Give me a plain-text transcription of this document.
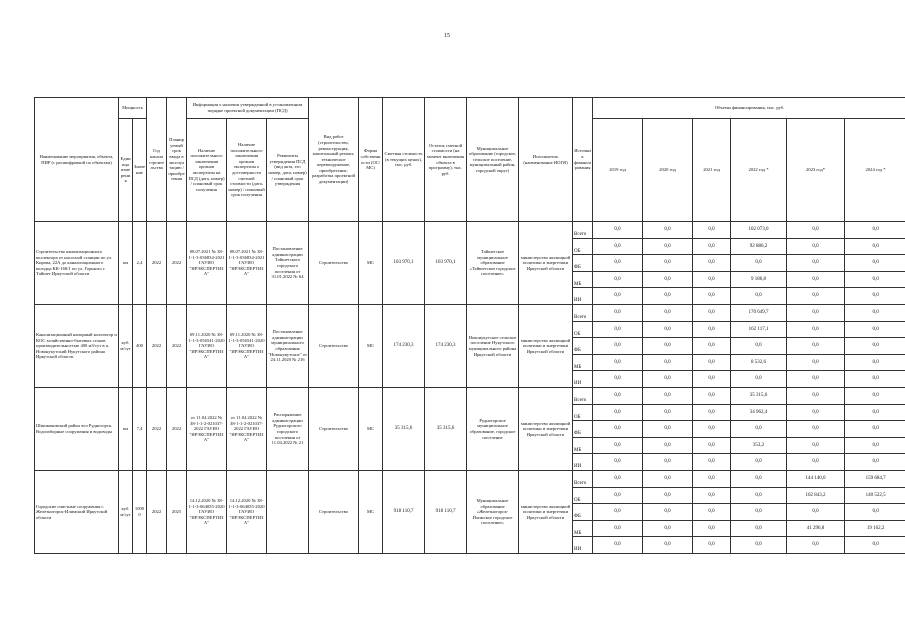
15
Наименование мероприятия, объекта, ПИР (с расшифровкой по объектам)	Мощность		Год начала строительства	Планируемый срок ввода в эксплуатацию / приобретения	Информация о наличии утвержденной в установленном порядке проектной документации (ПСД)			Вид работ (строительство, реконструкция, капитальный ремонт, техническое перевооружение, приобретение, разработка проектной документации)	Форма собственности (ОС/МС)	Сметная стоимость (в текущих ценах), тыс. руб.	Остаток сметной стоимости (на момент включения объекта в программу), тыс. руб.	Муниципальное образование (городское, сельское поселение, муниципальный район, городской округ)	Исполнитель (наименование ИОГВ)	Источник финансирования	Объемы финансирования, тыс. руб.					

	Единица измерения	Значение			Наличие положительного заключения органов экспертизы на ПСД (дата, номер) / плановый срок получения	Наличие положительного заключения органов экспертизы о достоверности сметной стоимости (дата, номер) / плановый срок получения	Реквизиты утверждения ПСД (вид акта, его номер, дата, номер) / плановый срок утверждения								2019 год	2020 год	2021 год	2022 год *	2023 год*	2024 год *
Строительство канализационного коллектора от насосной станции по ул. Кирова, 22А до канализационного колодца КК-168/1 по ул. Горького г. Тайшет Иркутской области	км	2,4	2022	2022	08.07.2021 № 38-1-1-3-036834-2021 ГАУИО "ИРЭКСПЕРТИЗА"	08.07.2021 № 38-1-1-3-036834-2021 ГАУИО "ИРЭКСПЕРТИЗА"	Постановление администрации Тайшетского городского поселения от 31.01.2022 № 64	Строительство	МС	103 970,1	103 970,1	Тайшетское муниципальное образование «Тайшетское городское поселение»	министерство жилищной политики и энергетики Иркутской области	Всего	0,0	0,0	0,0	102 073,0	0,0	0,0
														ОБ	0,0	0,0	0,0	92 886,2	0,0	0,0
														ФБ	0,0	0,0	0,0	0,0	0,0	0,0
														МБ	0,0	0,0	0,0	9 186,8	0,0	0,0
														ИИ	0,0	0,0	0,0	0,0	0,0	0,0
Канализационный напорный коллектор и КОС хозяйственно-бытовых стоков производительностью 400 м3/сут в п. Новонукутский Нукутского района Иркутской области	куб. м/сут	400	2022	2022	09.11.2020 № 38-1-1-3-056541-2020 ГАУИО "ИРЭКСПЕРТИЗА"	09.11.2020 № 38-1-1-3-056541-2020 ГАУИО "ИРЭКСПЕРТИЗА"	Постановление администрации муниципального образования "Новонукутское" от 24.11.2020 № 216	Строительство	МС	174 230,3	174 230,3	Новонукутское сельское поселение Нукутского муниципального района Иркутской области	министерство жилищной политики и энергетики Иркутской области	Всего	0,0	0,0	0,0	170 649,7	0,0	0,0
														ОБ	0,0	0,0	0,0	162 117,1	0,0	0,0
														ФБ	0,0	0,0	0,0	0,0	0,0	0,0
														МБ	0,0	0,0	0,0	8 532,6	0,0	0,0
														ИИ	0,0	0,0	0,0	0,0	0,0	0,0
Шишмаковский район чел Рудногорск. Водозаборные сооружения и водоводы	км	7,4	2022	2022	от 11.04.2022 № 38-1-1-2-021037-2022 ГАУИО "ИРЭКСПЕРТИЗА"	от 11.04.2022 № 38-1-1-2-021037-2022 ГАУИО "ИРЭКСПЕРТИЗА"	Распоряжение администрации Рудногорского городского поселения от 11.04.2022 № 21	Строительство	МС	35 315,6	35 315,6	Рудногорское муниципальное образование, городское поселение	министерство жилищной политики и энергетики Иркутской области	Всего	0,0	0,0	0,0	35 315,6	0,0	0,0
														ОБ	0,0	0,0	0,0	34 962,4	0,0	0,0
														ФБ	0,0	0,0	0,0	0,0	0,0	0,0
														МБ	0,0	0,0	0,0	353,2	0,0	0,0
														ИИ	0,0	0,0	0,0	0,0	0,0	0,0
Городские очистные сооружения г. Железногорск-Илимский Иркутской области	куб. м/сут	10000	2022	2025	14.12.2020 № 38-1-1-3-064055-2020 ГАУИО "ИРЭКСПЕРТИЗА"	14.12.2020 № 38-1-1-3-064055-2020 ГАУИО "ИРЭКСПЕРТИЗА"		Строительство	МС	918 110,7	918 110,7	Муниципальное образование «Железногорск-Илимское городское поселение»	министерство жилищной политики и энергетики Иркутской области	Всего	0,0	0,0	0,0	0,0	144 140,0	159 684,7
														ОБ	0,0	0,0	0,0	0,0	102 843,2	140 522,5
														ФБ	0,0	0,0	0,0	0,0	0,0	0,0
														МБ	0,0	0,0	0,0	0,0	41 296,8	19 162,2
														ИИ	0,0	0,0	0,0	0,0	0,0	0,0
